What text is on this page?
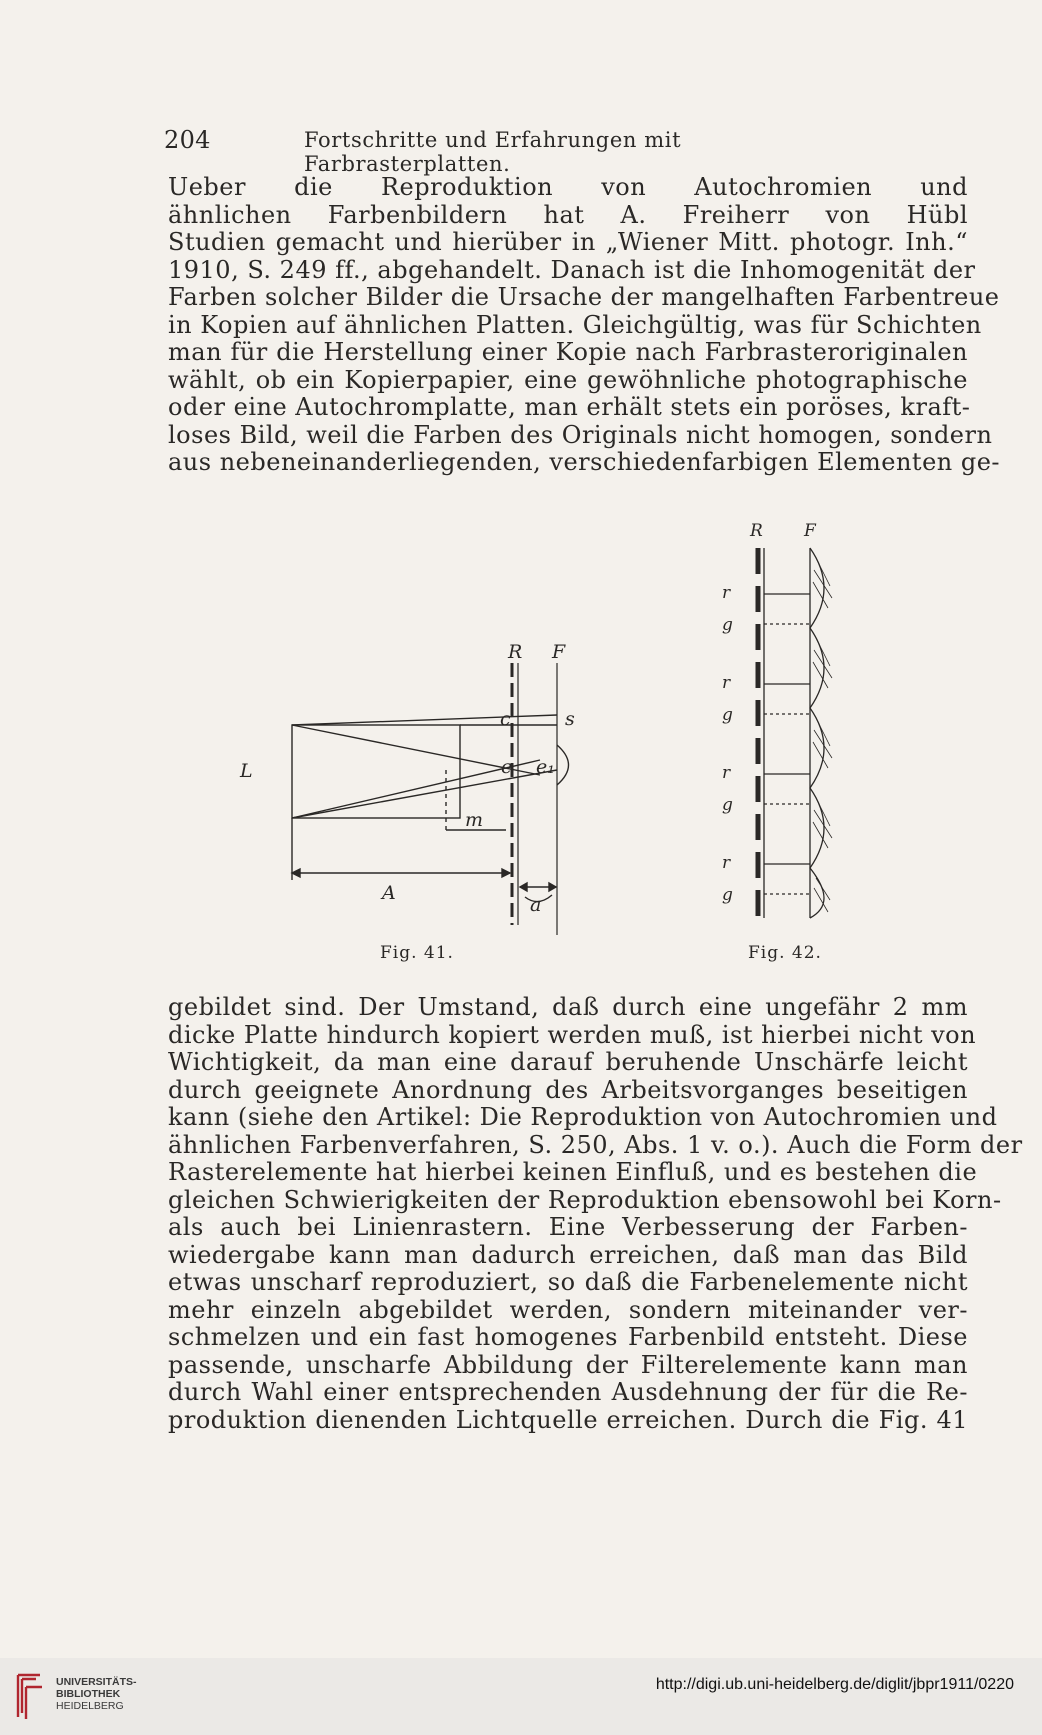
204	Fortschritte und Erfahrungen mit Farbrasterplatten.
Ueber die Reproduktion von Autochromien und
ähnlichen Farbenbildern hat A. Freiherr von Hübl
Studien gemacht und hierüber in „Wiener Mitt. photogr. Inh.“
1910, S. 249 ff., abgehandelt. Danach ist die Inhomogenität der
Farben solcher Bilder die Ursache der mangelhaften Farbentreue
in Kopien auf ähnlichen Platten. Gleichgültig, was für Schichten
man für die Herstellung einer Kopie nach Farbrasteroriginalen
wählt, ob ein Kopierpapier, eine gewöhnliche photographische
oder eine Autochromplatte, man erhält stets ein poröses, kraft-
loses Bild, weil die Farben des Originals nicht homogen, sondern
aus nebeneinanderliegenden, verschiedenfarbigen Elementen ge-
R F
L
c	s
e e₁
m
A
a
Fig. 41.
R F
r
g
r
g
r
g
r
g
Fig. 42.
gebildet sind. Der Umstand, daß durch eine ungefähr 2 mm
dicke Platte hindurch kopiert werden muß, ist hierbei nicht von
Wichtigkeit, da man eine darauf beruhende Unschärfe leicht
durch geeignete Anordnung des Arbeitsvorganges beseitigen
kann (siehe den Artikel: Die Reproduktion von Autochromien und
ähnlichen Farbenverfahren, S. 250, Abs. 1 v. o.). Auch die Form der
Rasterelemente hat hierbei keinen Einfluß, und es bestehen die
gleichen Schwierigkeiten der Reproduktion ebensowohl bei Korn-
als auch bei Linienrastern. Eine Verbesserung der Farben-
wiedergabe kann man dadurch erreichen, daß man das Bild
etwas unscharf reproduziert, so daß die Farbenelemente nicht
mehr einzeln abgebildet werden, sondern miteinander ver-
schmelzen und ein fast homogenes Farbenbild entsteht. Diese
passende, unscharfe Abbildung der Filterelemente kann man
durch Wahl einer entsprechenden Ausdehnung der für die Re-
produktion dienenden Lichtquelle erreichen. Durch die Fig. 41
UNIVERSITÄTS-
BIBLIOTHEK
HEIDELBERG
http://digi.ub.uni-heidelberg.de/diglit/jbpr1911/0220
